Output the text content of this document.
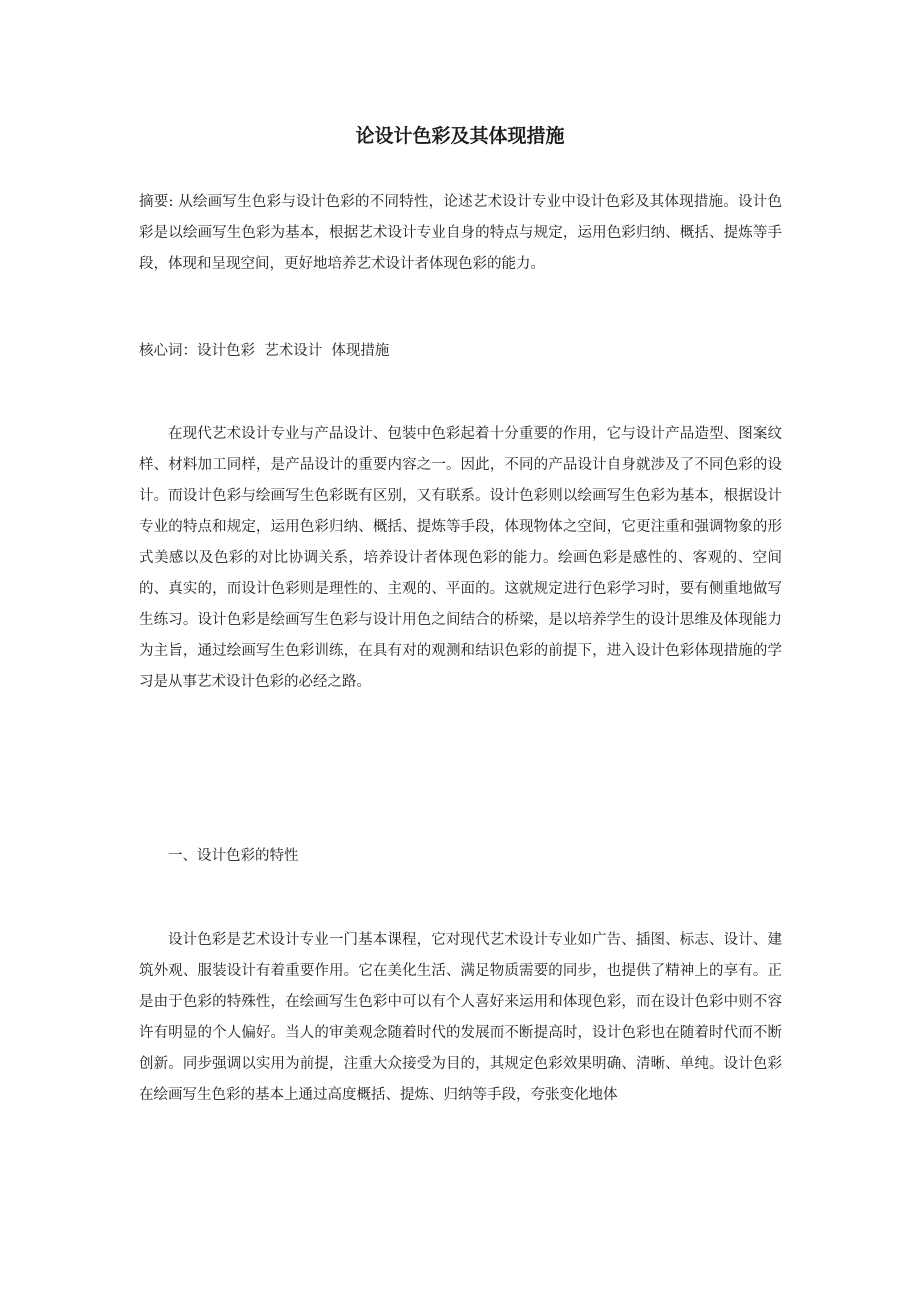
论设计色彩及其体现措施

摘要: 从绘画写生色彩与设计色彩的不同特性，论述艺术设计专业中设计色彩及其体现措施。设计色彩是以绘画写生色彩为基本，根据艺术设计专业自身的特点与规定，运用色彩归纳、概括、提炼等手段，体现和呈现空间，更好地培养艺术设计者体现色彩的能力。

核心词：设计色彩  艺术设计  体现措施

在现代艺术设计专业与产品设计、包装中色彩起着十分重要的作用，它与设计产品造型、图案纹样、材料加工同样，是产品设计的重要内容之一。因此，不同的产品设计自身就涉及了不同色彩的设计。而设计色彩与绘画写生色彩既有区别，又有联系。设计色彩则以绘画写生色彩为基本，根据设计专业的特点和规定，运用色彩归纳、概括、提炼等手段，体现物体之空间，它更注重和强调物象的形式美感以及色彩的对比协调关系，培养设计者体现色彩的能力。绘画色彩是感性的、客观的、空间的、真实的，而设计色彩则是理性的、主观的、平面的。这就规定进行色彩学习时，要有侧重地做写生练习。设计色彩是绘画写生色彩与设计用色之间结合的桥梁，是以培养学生的设计思维及体现能力为主旨，通过绘画写生色彩训练，在具有对的观测和结识色彩的前提下，进入设计色彩体现措施的学习是从事艺术设计色彩的必经之路。

一、设计色彩的特性

设计色彩是艺术设计专业一门基本课程，它对现代艺术设计专业如广告、插图、标志、设计、建筑外观、服装设计有着重要作用。它在美化生活、满足物质需要的同步，也提供了精神上的享有。正是由于色彩的特殊性，在绘画写生色彩中可以有个人喜好来运用和体现色彩，而在设计色彩中则不容许有明显的个人偏好。当人的审美观念随着时代的发展而不断提高时，设计色彩也在随着时代而不断创新。同步强调以实用为前提，注重大众接受为目的，其规定色彩效果明确、清晰、单纯。设计色彩在绘画写生色彩的基本上通过高度概括、提炼、归纳等手段，夸张变化地体
